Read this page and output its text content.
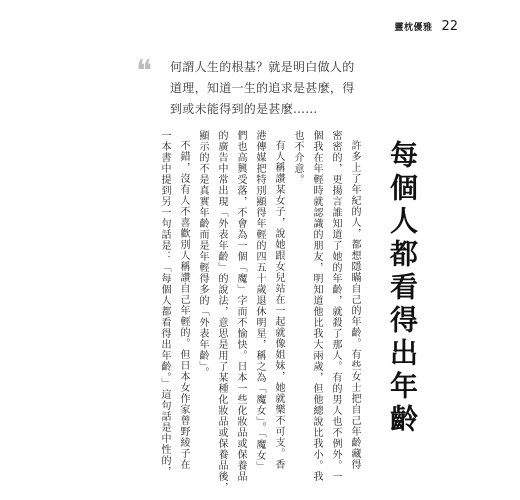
靈枕優雅 22
❝ 何謂人生的根基？就是明白做人的
道理，知道一生的追求是甚麼，得
到或未能得到的是甚麼……
每個人都看得出年齡
許多上了年紀的人，都想隱瞞自己的年齡。有些女士把自己年齡藏得
密密的，更揚言誰知道了她的年齡，就殺了那人。有的男人也不例外。一
個我在年輕時就認識的朋友，明知道他比我大兩歲，但他總說比我小。我
也不介意。
有人稱讚某女子，說她跟女兒站在一起就像姐妹，她就樂不可支。香
港傳媒把特別顯得年輕的四五十歲退休明星，稱之為「魔女」。「魔女」
們也高興受落，不會為一個「魔」字而不愉快。日本一些化妝品或保養品
的廣告中常出現「外表年齡」的說法，意思是用了某種化妝品或保養品後，
顯示的不是真實年齡而是年輕得多的「外表年齡」。
不錯，沒有人不喜歡別人稱讚自己年輕的。但日本女作家曾野綾子在
一本書中提到另一句話是：「每個人都看得出年齡。」這句話是中性的，
